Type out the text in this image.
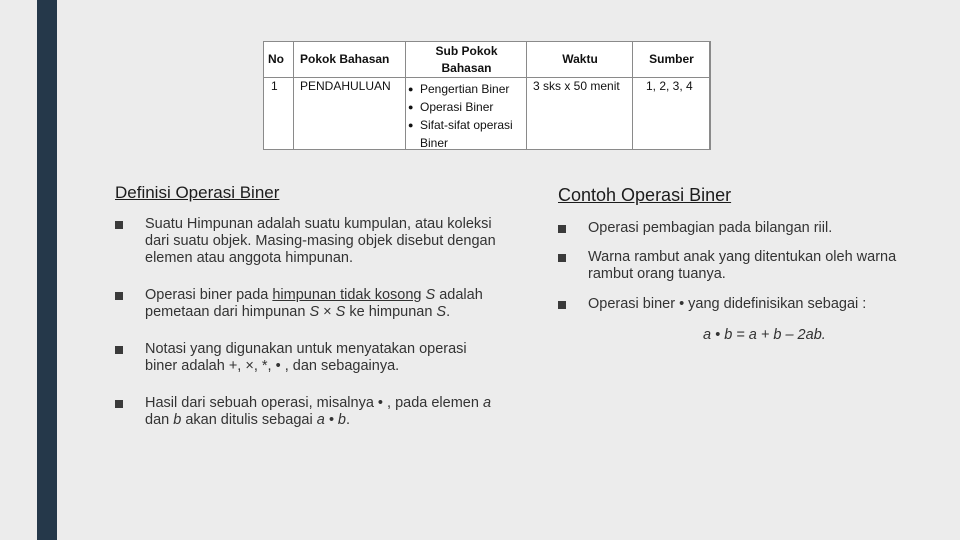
No	Pokok Bahasan
Sub Pokok Bahasan
Waktu	Sumber
1 PENDAHULUAN
●	Pengertian Biner
● Operasi Biner
● Sifat-sifat operasi Biner
3 sks x 50 menit 1, 2, 3, 4
Definisi Operasi Biner
Suatu Himpunan adalah suatu kumpulan, atau koleksi dari suatu objek. Masing-masing objek disebut dengan elemen atau anggota himpunan.
Operasi biner pada himpunan tidak kosong S adalah pemetaan dari himpunan S × S ke himpunan S.
Notasi yang digunakan untuk menyatakan operasi biner adalah +, ×, *, • , dan sebagainya.
Hasil dari sebuah operasi, misalnya • , pada elemen a dan b akan ditulis sebagai a • b.
Contoh Operasi Biner
Operasi pembagian pada bilangan riil.
Warna rambut anak yang ditentukan oleh warna rambut orang tuanya.
Operasi biner • yang didefinisikan sebagai :
a • b = a + b – 2ab.
